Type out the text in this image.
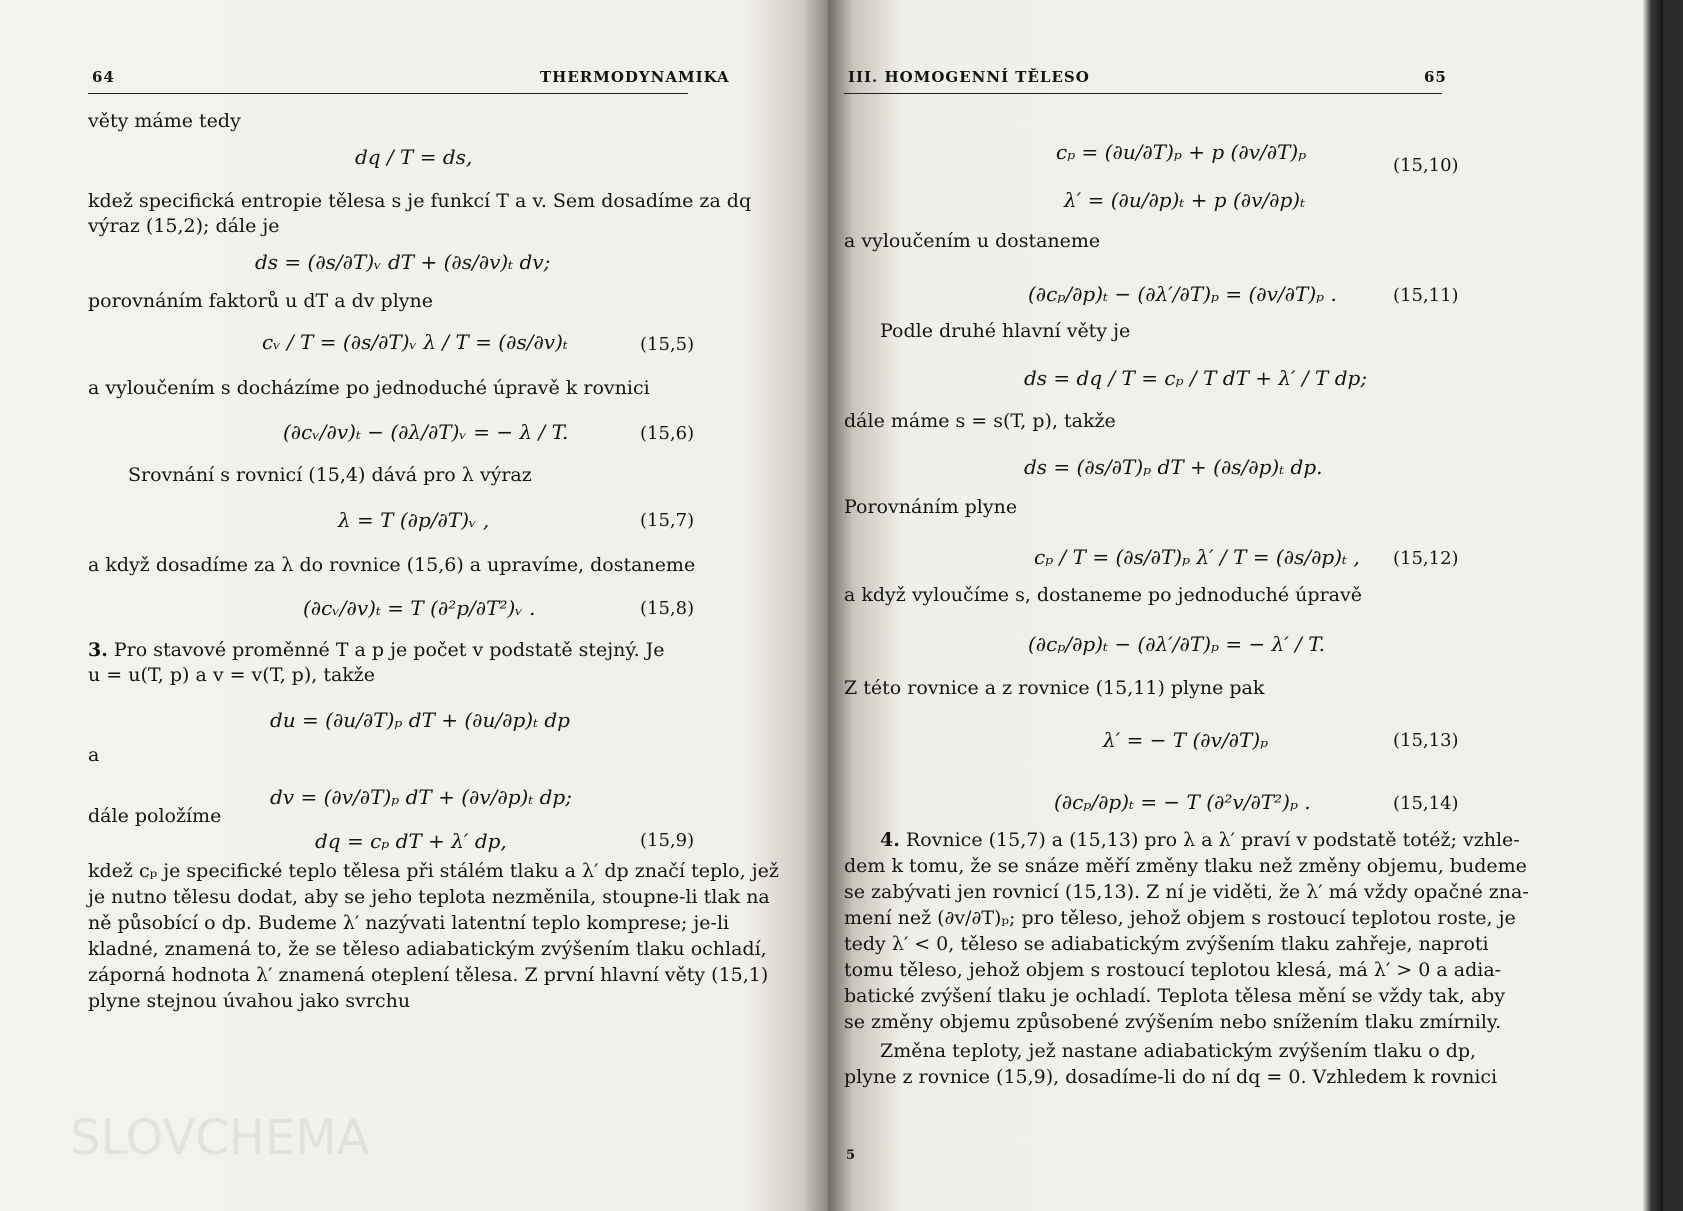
SLOVCHEMA
64	THERMODYNAMIKA
věty máme tedy
dq / T = ds,
kdež specifická entropie tělesa s je funkcí T a v. Sem dosadíme za dq
výraz (15,2); dále je
ds = (∂s/∂T)ᵥ dT + (∂s/∂v)ₜ dv;
porovnáním faktorů u dT a dv plyne
cᵥ / T = (∂s/∂T)ᵥ λ / T = (∂s/∂v)ₜ	(15,5)
a vyloučením s docházíme po jednoduché úpravě k rovnici
(∂cᵥ/∂v)ₜ − (∂λ/∂T)ᵥ = − λ / T.	(15,6)
Srovnání s rovnicí (15,4) dává pro λ výraz
λ = T (∂p/∂T)ᵥ ,	(15,7)
a když dosadíme za λ do rovnice (15,6) a upravíme, dostaneme
(∂cᵥ/∂v)ₜ = T (∂²p/∂T²)ᵥ .	(15,8)
3. Pro stavové proměnné T a p je počet v podstatě stejný. Je
u = u(T, p) a v = v(T, p), takže
du = (∂u/∂T)ₚ dT + (∂u/∂p)ₜ dp
a
dv = (∂v/∂T)ₚ dT + (∂v/∂p)ₜ dp;
dále položíme
dq = cₚ dT + λ′ dp,	(15,9)
kdež cₚ je specifické teplo tělesa při stálém tlaku a λ′ dp značí teplo, jež
je nutno tělesu dodat, aby se jeho teplota nezměnila, stoupne-li tlak na
ně působící o dp. Budeme λ′ nazývati latentní teplo komprese; je-li
kladné, znamená to, že se těleso adiabatickým zvýšením tlaku ochladí,
záporná hodnota λ′ znamená oteplení tělesa. Z první hlavní věty (15,1)
plyne stejnou úvahou jako svrchu
III. HOMOGENNÍ TĚLESO	65
cₚ = (∂u/∂T)ₚ + p (∂v/∂T)ₚ
(15,10)
λ′ = (∂u/∂p)ₜ + p (∂v/∂p)ₜ
a vyloučením u dostaneme
(∂cₚ/∂p)ₜ − (∂λ′/∂T)ₚ = (∂v/∂T)ₚ .	(15,11)
Podle druhé hlavní věty je
ds = dq / T = cₚ / T dT + λ′ / T dp;
dále máme s = s(T, p), takže
ds = (∂s/∂T)ₚ dT + (∂s/∂p)ₜ dp.
Porovnáním plyne
cₚ / T = (∂s/∂T)ₚ λ′ / T = (∂s/∂p)ₜ , (15,12)
a když vyloučíme s, dostaneme po jednoduché úpravě
(∂cₚ/∂p)ₜ − (∂λ′/∂T)ₚ = − λ′ / T.
Z této rovnice a z rovnice (15,11) plyne pak
λ′ = − T (∂v/∂T)ₚ	(15,13)
(∂cₚ/∂p)ₜ = − T (∂²v/∂T²)ₚ .	(15,14)
4. Rovnice (15,7) a (15,13) pro λ a λ′ praví v podstatě totéž; vzhle-
dem k tomu, že se snáze měří změny tlaku než změny objemu, budeme
se zabývati jen rovnicí (15,13). Z ní je viděti, že λ′ má vždy opačné zna-
mení než (∂v/∂T)ₚ; pro těleso, jehož objem s rostoucí teplotou roste, je
tedy λ′ < 0, těleso se adiabatickým zvýšením tlaku zahřeje, naproti
tomu těleso, jehož objem s rostoucí teplotou klesá, má λ′ > 0 a adia-
batické zvýšení tlaku je ochladí. Teplota tělesa mění se vždy tak, aby
se změny objemu způsobené zvýšením nebo snížením tlaku zmírnily.
Změna teploty, jež nastane adiabatickým zvýšením tlaku o dp,
plyne z rovnice (15,9), dosadíme-li do ní dq = 0. Vzhledem k rovnici
5
